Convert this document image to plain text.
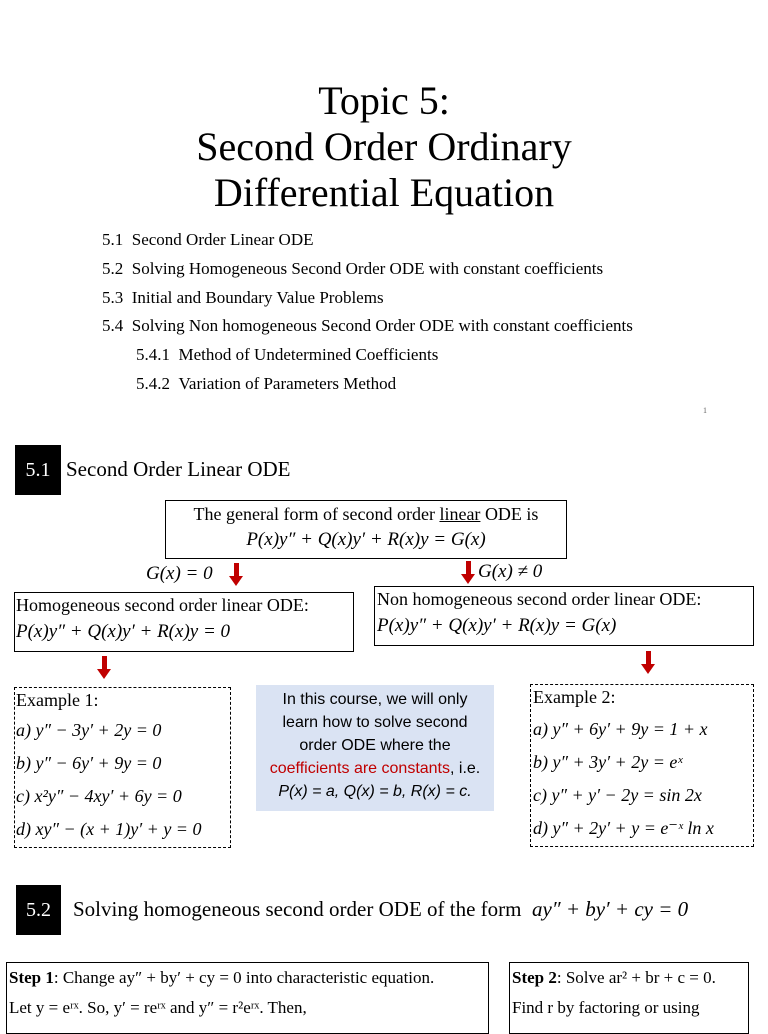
Topic 5:
Second Order Ordinary
Differential Equation
5.1 Second Order Linear ODE
5.2 Solving Homogeneous Second Order ODE with constant coefficients
5.3 Initial and Boundary Value Problems
5.4 Solving Non homogeneous Second Order ODE with constant coefficients
5.4.1 Method of Undetermined Coefficients
5.4.2 Variation of Parameters Method
1
5.1 Second Order Linear ODE
The general form of second order linear ODE is
P(x)y″ + Q(x)y′ + R(x)y = G(x)
G(x) = 0	G(x) ≠ 0
Homogeneous second order linear ODE:
P(x)y″ + Q(x)y′ + R(x)y = 0
Non homogeneous second order linear ODE:
P(x)y″ + Q(x)y′ + R(x)y = G(x)
Example 1:
a) y″ − 3y′ + 2y = 0
b) y″ − 6y′ + 9y = 0
c) x²y″ − 4xy′ + 6y = 0
d) xy″ − (x + 1)y′ + y = 0
In this course, we will only
learn how to solve second
order ODE where the
coefficients are constants, i.e.
P(x) = a, Q(x) = b, R(x) = c.
Example 2:
a) y″ + 6y′ + 9y = 1 + x
b) y″ + 3y′ + 2y = eˣ
c) y″ + y′ − 2y = sin 2x
d) y″ + 2y′ + y = e⁻ˣ ln x
5.2	Solving homogeneous second order ODE of the form ay″ + by′ + cy = 0
Step 1: Change ay″ + by′ + cy = 0 into characteristic equation.
Let y = eʳˣ. So, y′ = reʳˣ and y″ = r²eʳˣ. Then,
Step 2: Solve ar² + br + c = 0.
Find r by factoring or using
